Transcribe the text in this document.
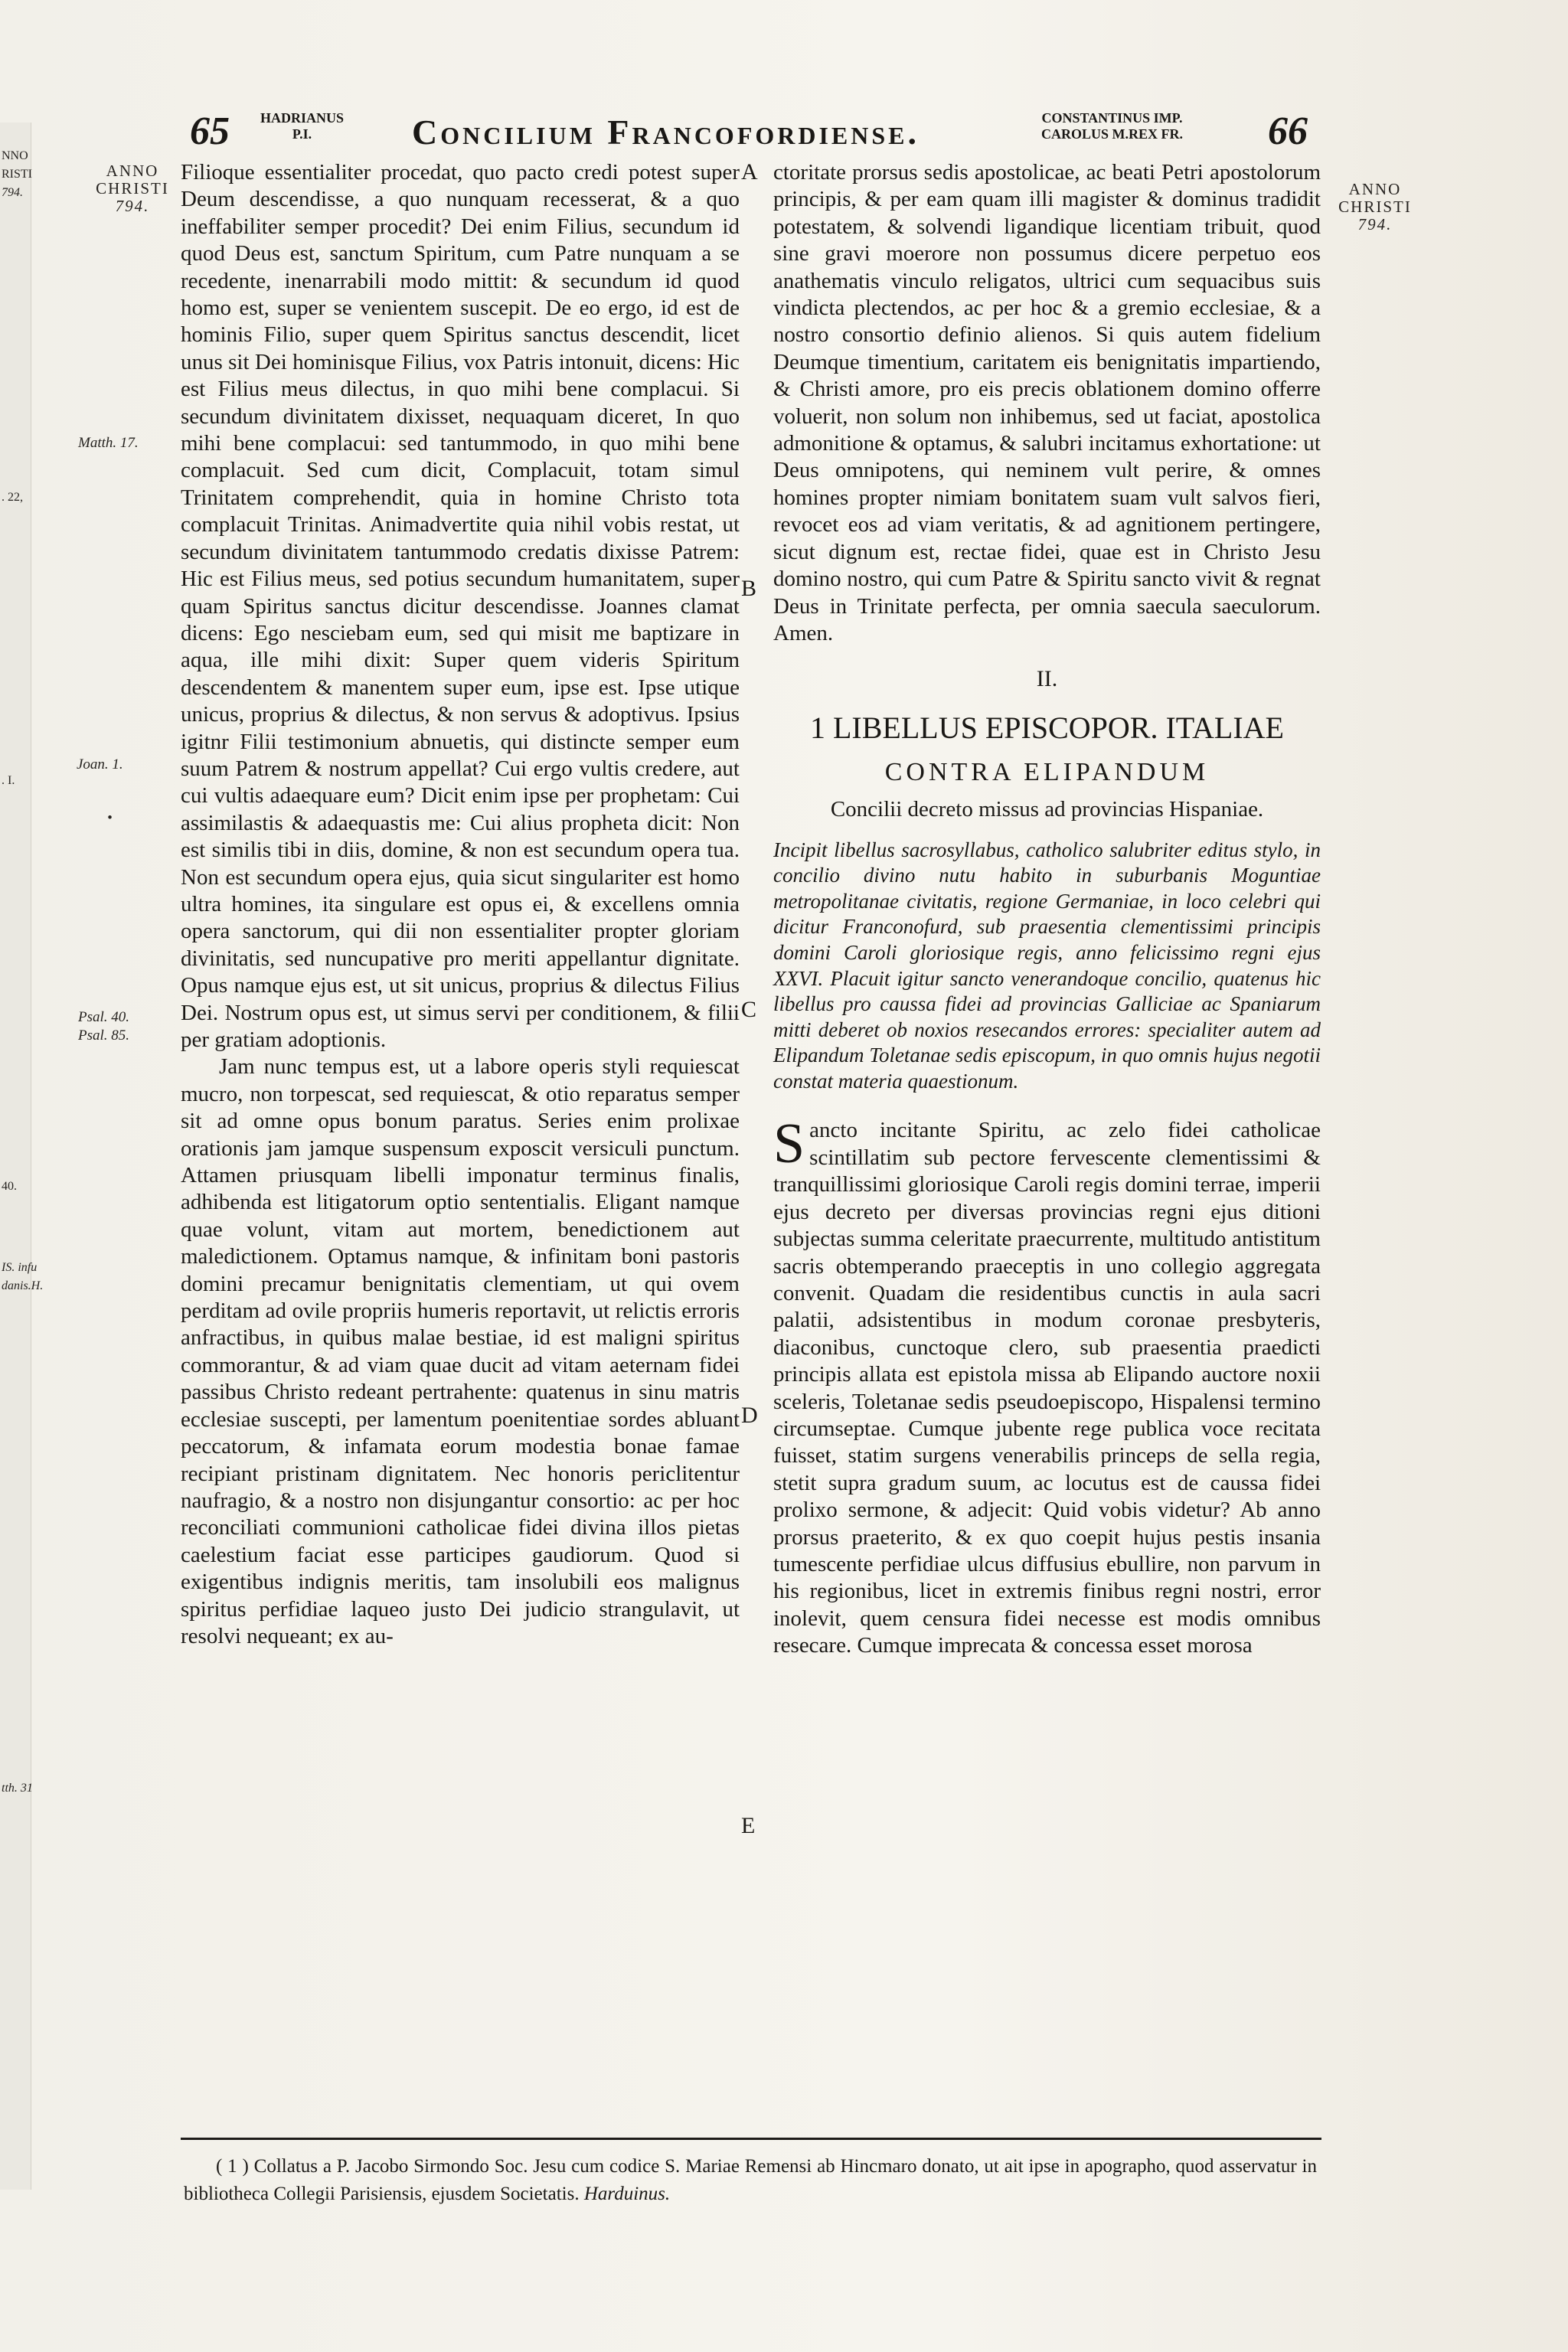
NNO
RISTI
794.
. 22,
. I.
40.
IS. infu
danis.H.
tth. 31
65 HADRIANUS
P.I.	Concilium Francofordiense.	CONSTANTINUS IMP.
CAROLUS M.REX FR. 66
ANNO
CHRISTI
794.
ANNO
CHRISTI
794.
Matth. 17.
Joan. 1.
•
Psal. 40.
Psal. 85.
A
B
C
D
E

Filioque essentialiter procedat, quo pacto credi potest super Deum descendisse, a quo nunquam recesserat, & a quo ineffabiliter semper procedit? Dei enim Filius, secundum id quod Deus est, sanctum Spiritum, cum Patre nunquam a se recedente, inenarrabili modo mittit: & secundum id quod homo est, super se venientem suscepit. De eo ergo, id est de hominis Filio, super quem Spiritus sanctus descendit, licet unus sit Dei hominisque Filius, vox Patris intonuit, dicens: Hic est Filius meus dilectus, in quo mihi bene complacui. Si secundum divinitatem dixisset, nequaquam diceret, In quo mihi bene complacui: sed tantummodo, in quo mihi bene complacuit. Sed cum dicit, Complacuit, totam simul Trinitatem comprehendit, quia in homine Christo tota complacuit Trinitas. Animadvertite quia nihil vobis restat, ut secundum divinitatem tantummodo credatis dixisse Patrem: Hic est Filius meus, sed potius secundum humanitatem, super quam Spiritus sanctus dicitur descendisse. Joannes clamat dicens: Ego nesciebam eum, sed qui misit me baptizare in aqua, ille mihi dixit: Super quem videris Spiritum descendentem & manentem super eum, ipse est. Ipse utique unicus, proprius & dilectus, & non servus & adoptivus. Ipsius igitnr Filii testimonium abnuetis, qui distincte semper eum suum Patrem & nostrum appellat? Cui ergo vultis credere, aut cui vultis adaequare eum? Dicit enim ipse per prophetam: Cui assimilastis & adaequastis me: Cui alius propheta dicit: Non est similis tibi in diis, domine, & non est secundum opera tua. Non est secundum opera ejus, quia sicut singulariter est homo ultra homines, ita singulare est opus ei, & excellens omnia opera sanctorum, qui dii non essentialiter propter gloriam divinitatis, sed nuncupative pro meriti appellantur dignitate. Opus namque ejus est, ut sit unicus, proprius & dilectus Filius Dei. Nostrum opus est, ut simus servi per conditionem, & filii per gratiam adoptionis.

Jam nunc tempus est, ut a labore operis styli requiescat mucro, non torpescat, sed requiescat, & otio reparatus semper sit ad omne opus bonum paratus. Series enim prolixae orationis jam jamque suspensum exposcit versiculi punctum. Attamen priusquam libelli imponatur terminus finalis, adhibenda est litigatorum optio sententialis. Eligant namque quae volunt, vitam aut mortem, benedictionem aut maledictionem. Optamus namque, & infinitam boni pastoris domini precamur benignitatis clementiam, ut qui ovem perditam ad ovile propriis humeris reportavit, ut relictis erroris anfractibus, in quibus malae bestiae, id est maligni spiritus commorantur, & ad viam quae ducit ad vitam aeternam fidei passibus Christo redeant pertrahente: quatenus in sinu matris ecclesiae suscepti, per lamentum poenitentiae sordes abluant peccatorum, & infamata eorum modestia bonae famae recipiant pristinam dignitatem. Nec honoris periclitentur naufragio, & a nostro non disjungantur consortio: ac per hoc reconciliati communioni catholicae fidei divina illos pietas caelestium faciat esse participes gaudiorum. Quod si exigentibus indignis meritis, tam insolubili eos malignus spiritus perfidiae laqueo justo Dei judicio strangulavit, ut resolvi nequeant; ex au-

ctoritate prorsus sedis apostolicae, ac beati Petri apostolorum principis, & per eam quam illi magister & dominus tradidit potestatem, & solvendi ligandique licentiam tribuit, quod sine gravi moerore non possumus dicere perpetuo eos anathematis vinculo religatos, ultrici cum sequacibus suis vindicta plectendos, ac per hoc & a gremio ecclesiae, & a nostro consortio definio alienos. Si quis autem fidelium Deumque timentium, caritatem eis benignitatis impartiendo, & Christi amore, pro eis precis oblationem domino offerre voluerit, non solum non inhibemus, sed ut faciat, apostolica admonitione & optamus, & salubri incitamus exhortatione: ut Deus omnipotens, qui neminem vult perire, & omnes homines propter nimiam bonitatem suam vult salvos fieri, revocet eos ad viam veritatis, & ad agnitionem pertingere, sicut dignum est, rectae fidei, quae est in Christo Jesu domino nostro, qui cum Patre & Spiritu sancto vivit & regnat Deus in Trinitate perfecta, per omnia saecula saeculorum. Amen.

II.
1 LIBELLUS EPISCOPOR. ITALIAE
CONTRA ELIPANDUM
Concilii decreto missus ad provincias Hispaniae.

Incipit libellus sacrosyllabus, catholico salubriter editus stylo, in concilio divino nutu habito in suburbanis Moguntiae metropolitanae civitatis, regione Germaniae, in loco celebri qui dicitur Franconofurd, sub praesentia clementissimi principis domini Caroli gloriosique regis, anno felicissimo regni ejus XXVI. Placuit igitur sancto venerandoque concilio, quatenus hic libellus pro caussa fidei ad provincias Galliciae ac Spaniarum mitti deberet ob noxios resecandos errores: specialiter autem ad Elipandum Toletanae sedis episcopum, in quo omnis hujus negotii constat materia quaestionum.

Sancto incitante Spiritu, ac zelo fidei catholicae scintillatim sub pectore fervescente clementissimi & tranquillissimi gloriosique Caroli regis domini terrae, imperii ejus decreto per diversas provincias regni ejus ditioni subjectas summa celeritate praecurrente, multitudo antistitum sacris obtemperando praeceptis in uno collegio aggregata convenit. Quadam die residentibus cunctis in aula sacri palatii, adsistentibus in modum coronae presbyteris, diaconibus, cunctoque clero, sub praesentia praedicti principis allata est epistola missa ab Elipando auctore noxii sceleris, Toletanae sedis pseudoepiscopo, Hispalensi termino circumseptae. Cumque jubente rege publica voce recitata fuisset, statim surgens venerabilis princeps de sella regia, stetit supra gradum suum, ac locutus est de caussa fidei prolixo sermone, & adjecit: Quid vobis videtur? Ab anno prorsus praeterito, & ex quo coepit hujus pestis insania tumescente perfidiae ulcus diffusius ebullire, non parvum in his regionibus, licet in extremis finibus regni nostri, error inolevit, quem censura fidei necesse est modis omnibus resecare. Cumque imprecata & concessa esset morosa

( 1 ) Collatus a P. Jacobo Sirmondo Soc. Jesu cum codice S. Mariae Remensi ab Hincmaro donato, ut ait ipse in apographo, quod asservatur in bibliotheca Collegii Parisiensis, ejusdem Societatis. Harduinus.
